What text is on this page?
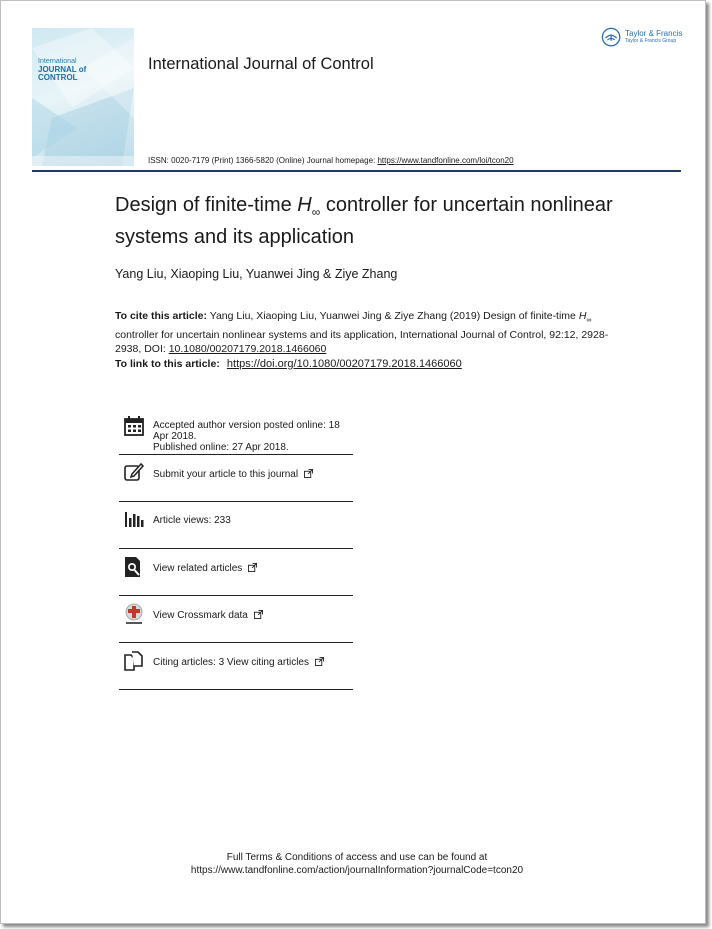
International
JOURNAL of
CONTROL
International Journal of Control
ISSN: 0020-7179 (Print) 1366-5820 (Online) Journal homepage: https://www.tandfonline.com/loi/tcon20
Taylor & Francis
Taylor & Francis Group
Design of finite-time $H_\infty$ controller for uncertain nonlinear systems and its application
Yang Liu, Xiaoping Liu, Yuanwei Jing & Ziye Zhang
To cite this article: Yang Liu, Xiaoping Liu, Yuanwei Jing & Ziye Zhang (2019) Design of finite-time $H_\infty$ controller for uncertain nonlinear systems and its application, International Journal of Control, 92:12, 2928-2938, DOI: 10.1080/00207179.2018.1466060
To link to this article: https://doi.org/10.1080/00207179.2018.1466060
Accepted author version posted online: 18 Apr 2018.
Published online: 27 Apr 2018.
Submit your article to this journal
Article views: 233
View related articles
View Crossmark data
Citing articles: 3 View citing articles
Full Terms & Conditions of access and use can be found at
https://www.tandfonline.com/action/journalInformation?journalCode=tcon20
